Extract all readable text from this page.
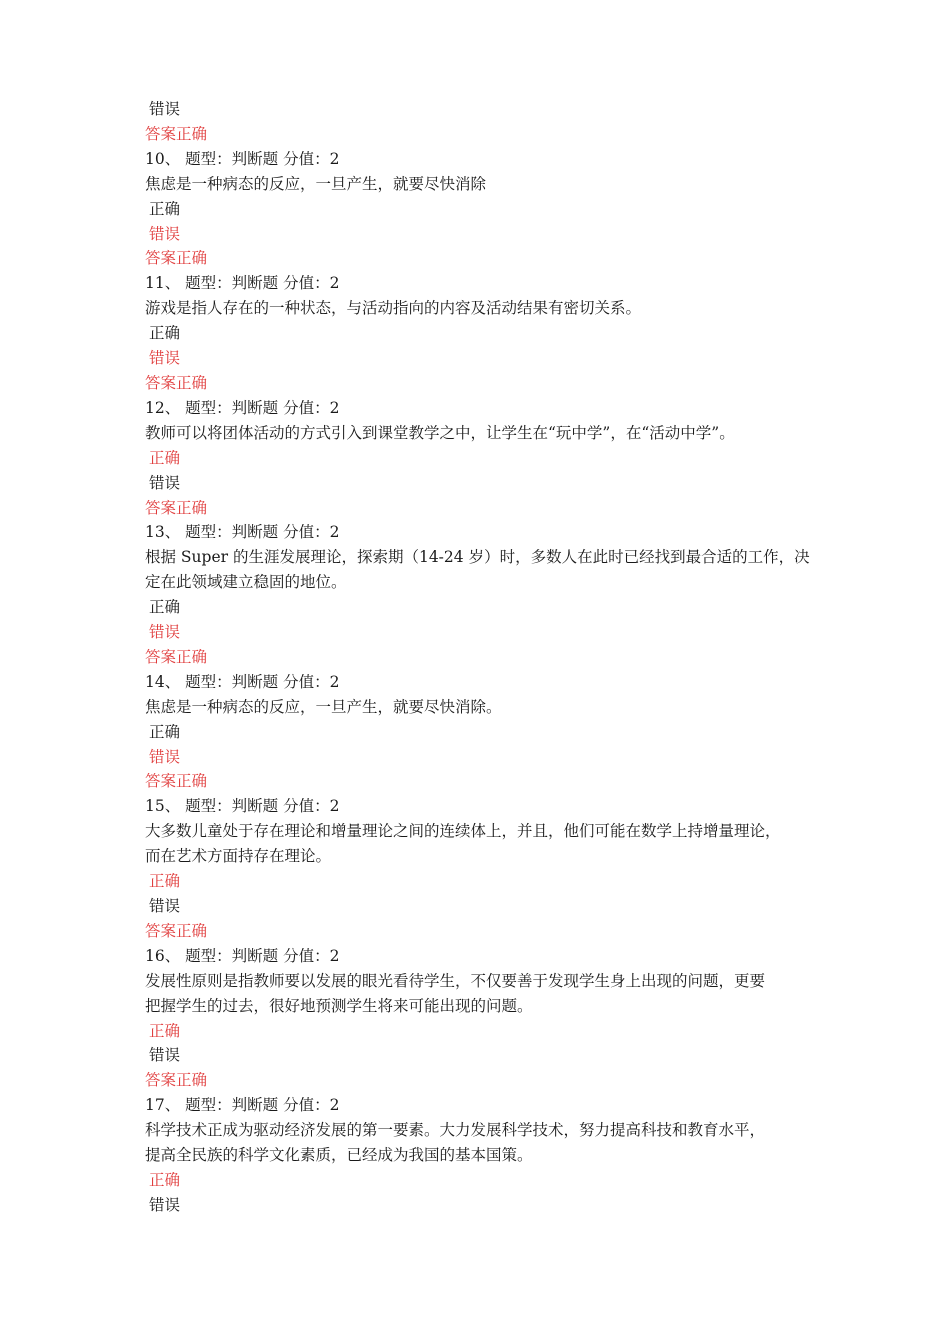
错误
答案正确
10、 题型：判断题 分值：2
焦虑是一种病态的反应，一旦产生，就要尽快消除
正确
错误
答案正确
11、 题型：判断题 分值：2
游戏是指人存在的一种状态，与活动指向的内容及活动结果有密切关系。
正确
错误
答案正确
12、 题型：判断题 分值：2
教师可以将团体活动的方式引入到课堂教学之中，让学生在“玩中学”，在“活动中学”。
正确
错误
答案正确
13、 题型：判断题 分值：2
根据 Super 的生涯发展理论，探索期（14-24 岁）时，多数人在此时已经找到最合适的工作，决
定在此领域建立稳固的地位。
正确
错误
答案正确
14、 题型：判断题 分值：2
焦虑是一种病态的反应，一旦产生，就要尽快消除。
正确
错误
答案正确
15、 题型：判断题 分值：2
大多数儿童处于存在理论和增量理论之间的连续体上，并且，他们可能在数学上持增量理论，
而在艺术方面持存在理论。
正确
错误
答案正确
16、 题型：判断题 分值：2
发展性原则是指教师要以发展的眼光看待学生，不仅要善于发现学生身上出现的问题，更要
把握学生的过去，很好地预测学生将来可能出现的问题。
正确
错误
答案正确
17、 题型：判断题 分值：2
科学技术正成为驱动经济发展的第一要素。大力发展科学技术，努力提高科技和教育水平，
提高全民族的科学文化素质，已经成为我国的基本国策。
正确
错误
